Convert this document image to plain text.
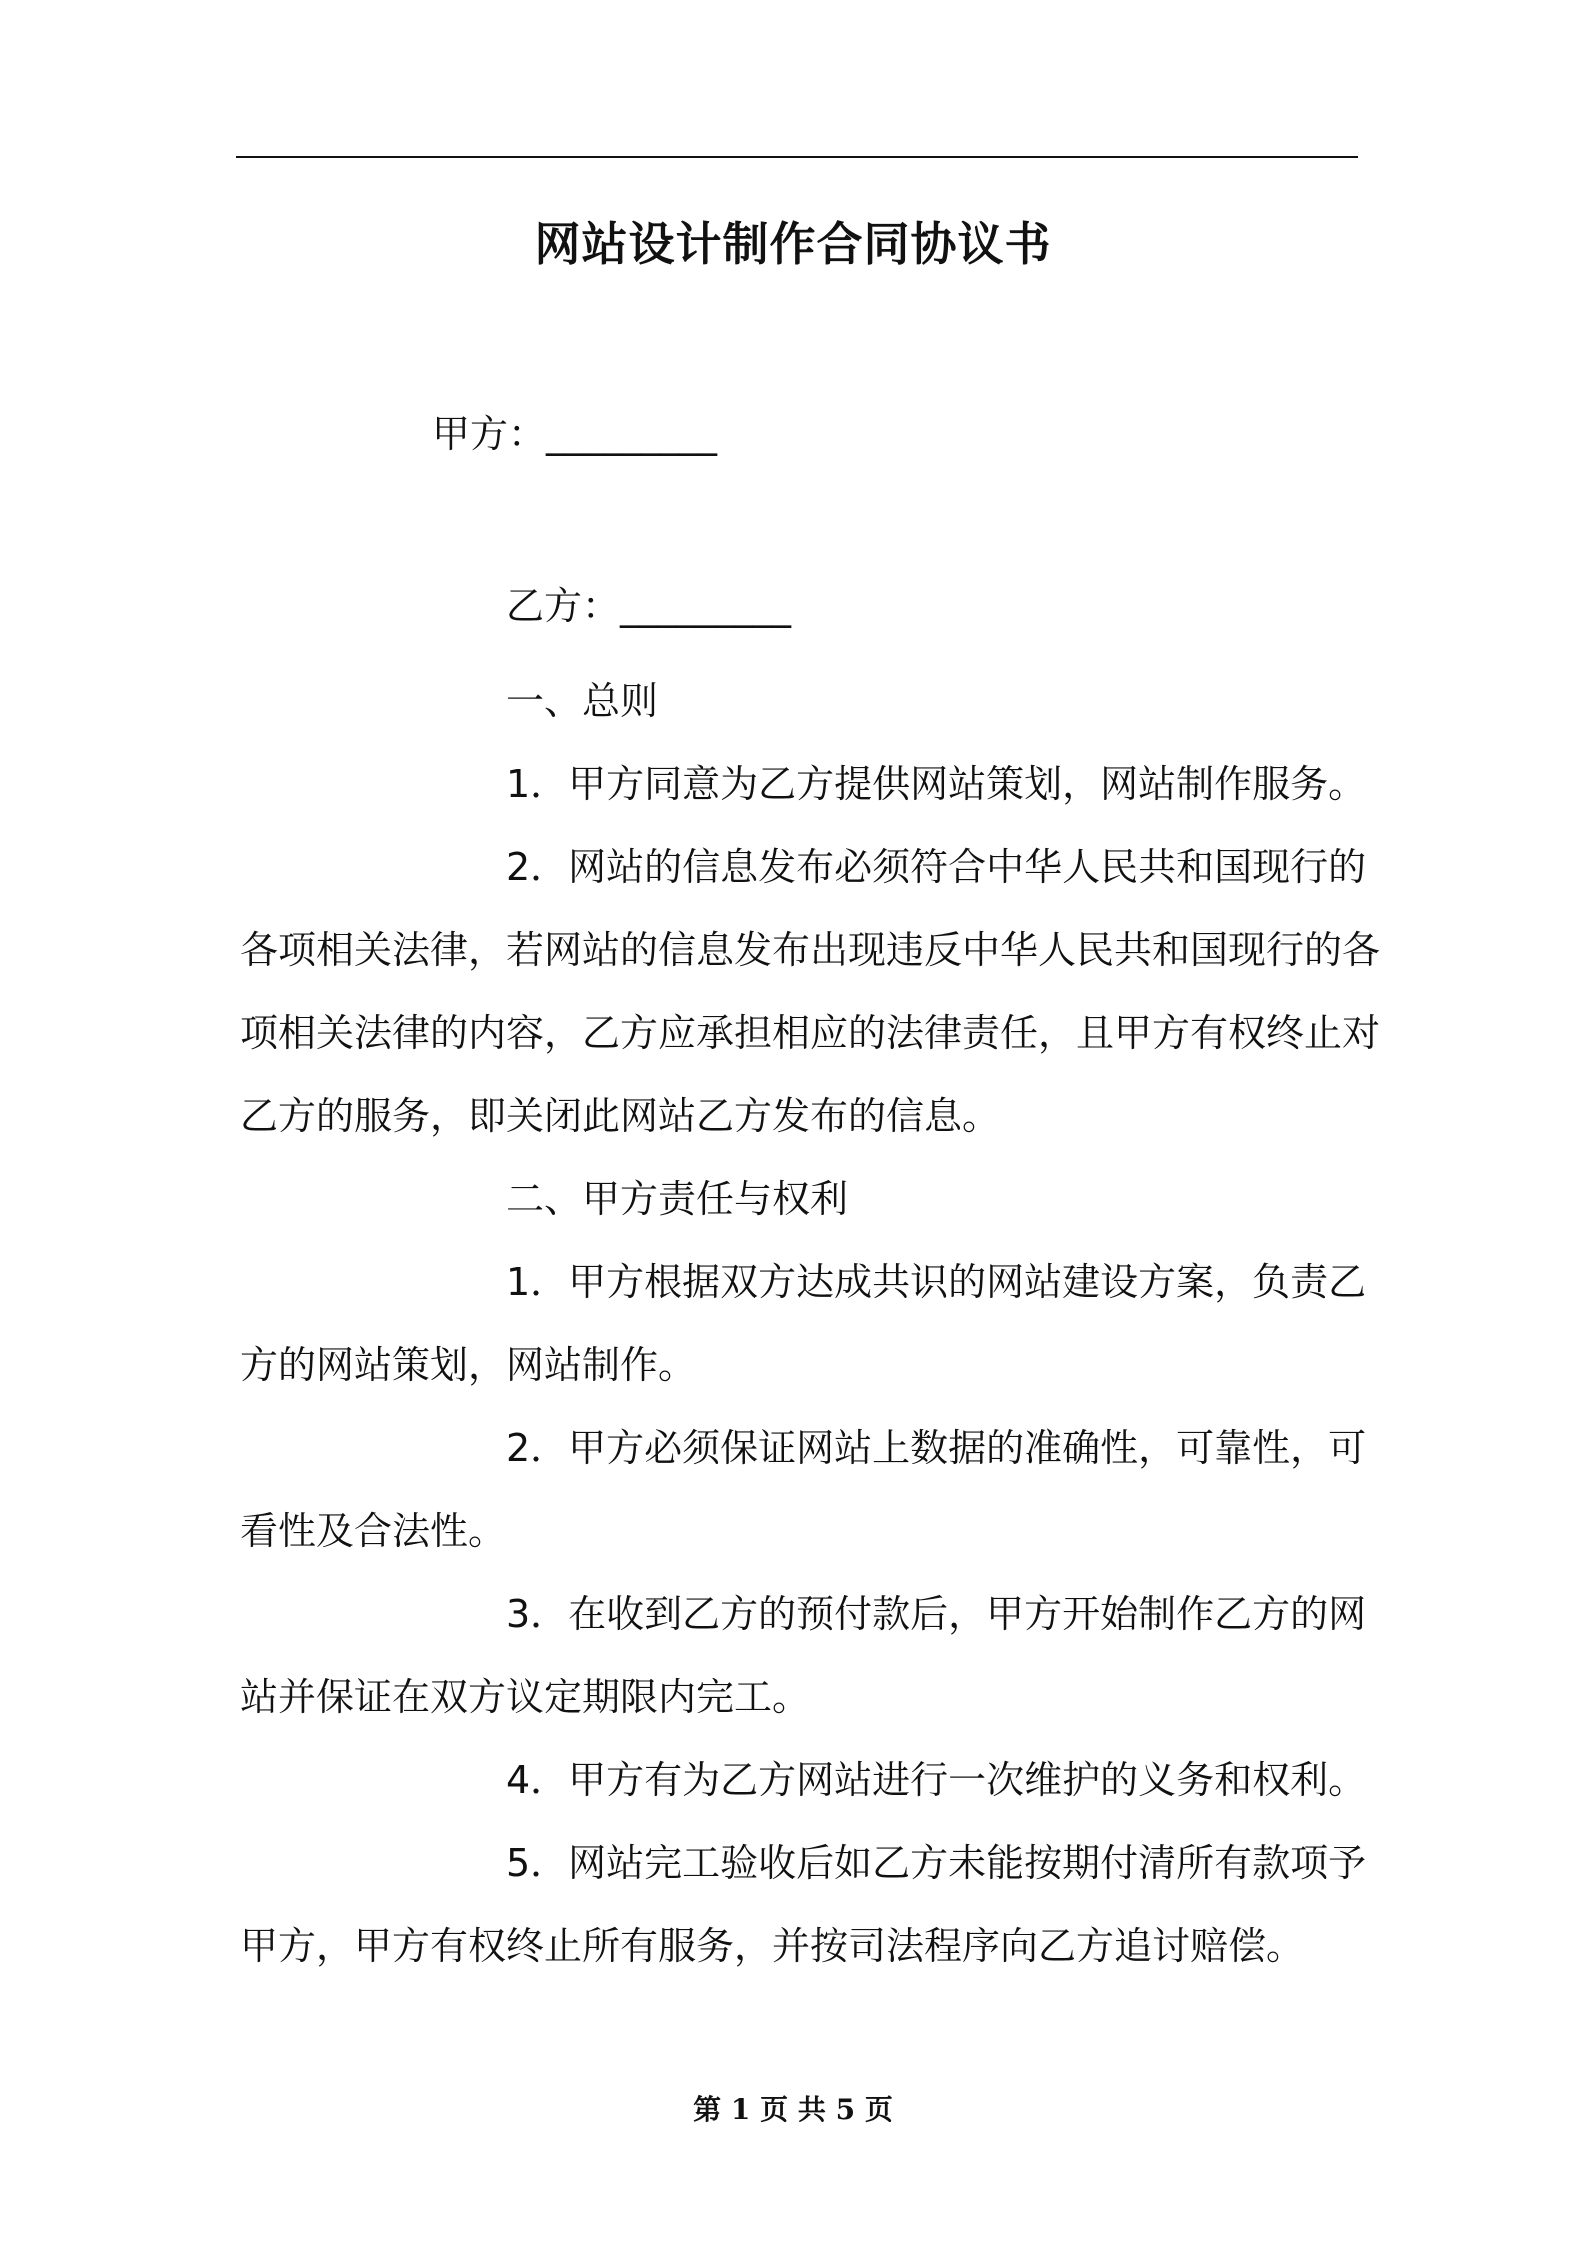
网站设计制作合同协议书
甲方：_________
乙方：_________
一、总则
1．甲方同意为乙方提供网站策划，网站制作服务。
2．网站的信息发布必须符合中华人民共和国现行的
各项相关法律，若网站的信息发布出现违反中华人民共和国现行的各
项相关法律的内容，乙方应承担相应的法律责任，且甲方有权终止对
乙方的服务，即关闭此网站乙方发布的信息。
二、甲方责任与权利
1．甲方根据双方达成共识的网站建设方案，负责乙
方的网站策划，网站制作。
2．甲方必须保证网站上数据的准确性，可靠性，可
看性及合法性。
3．在收到乙方的预付款后，甲方开始制作乙方的网
站并保证在双方议定期限内完工。
4．甲方有为乙方网站进行一次维护的义务和权利。
5．网站完工验收后如乙方未能按期付清所有款项予
甲方，甲方有权终止所有服务，并按司法程序向乙方追讨赔偿。
第 1 页 共 5 页
